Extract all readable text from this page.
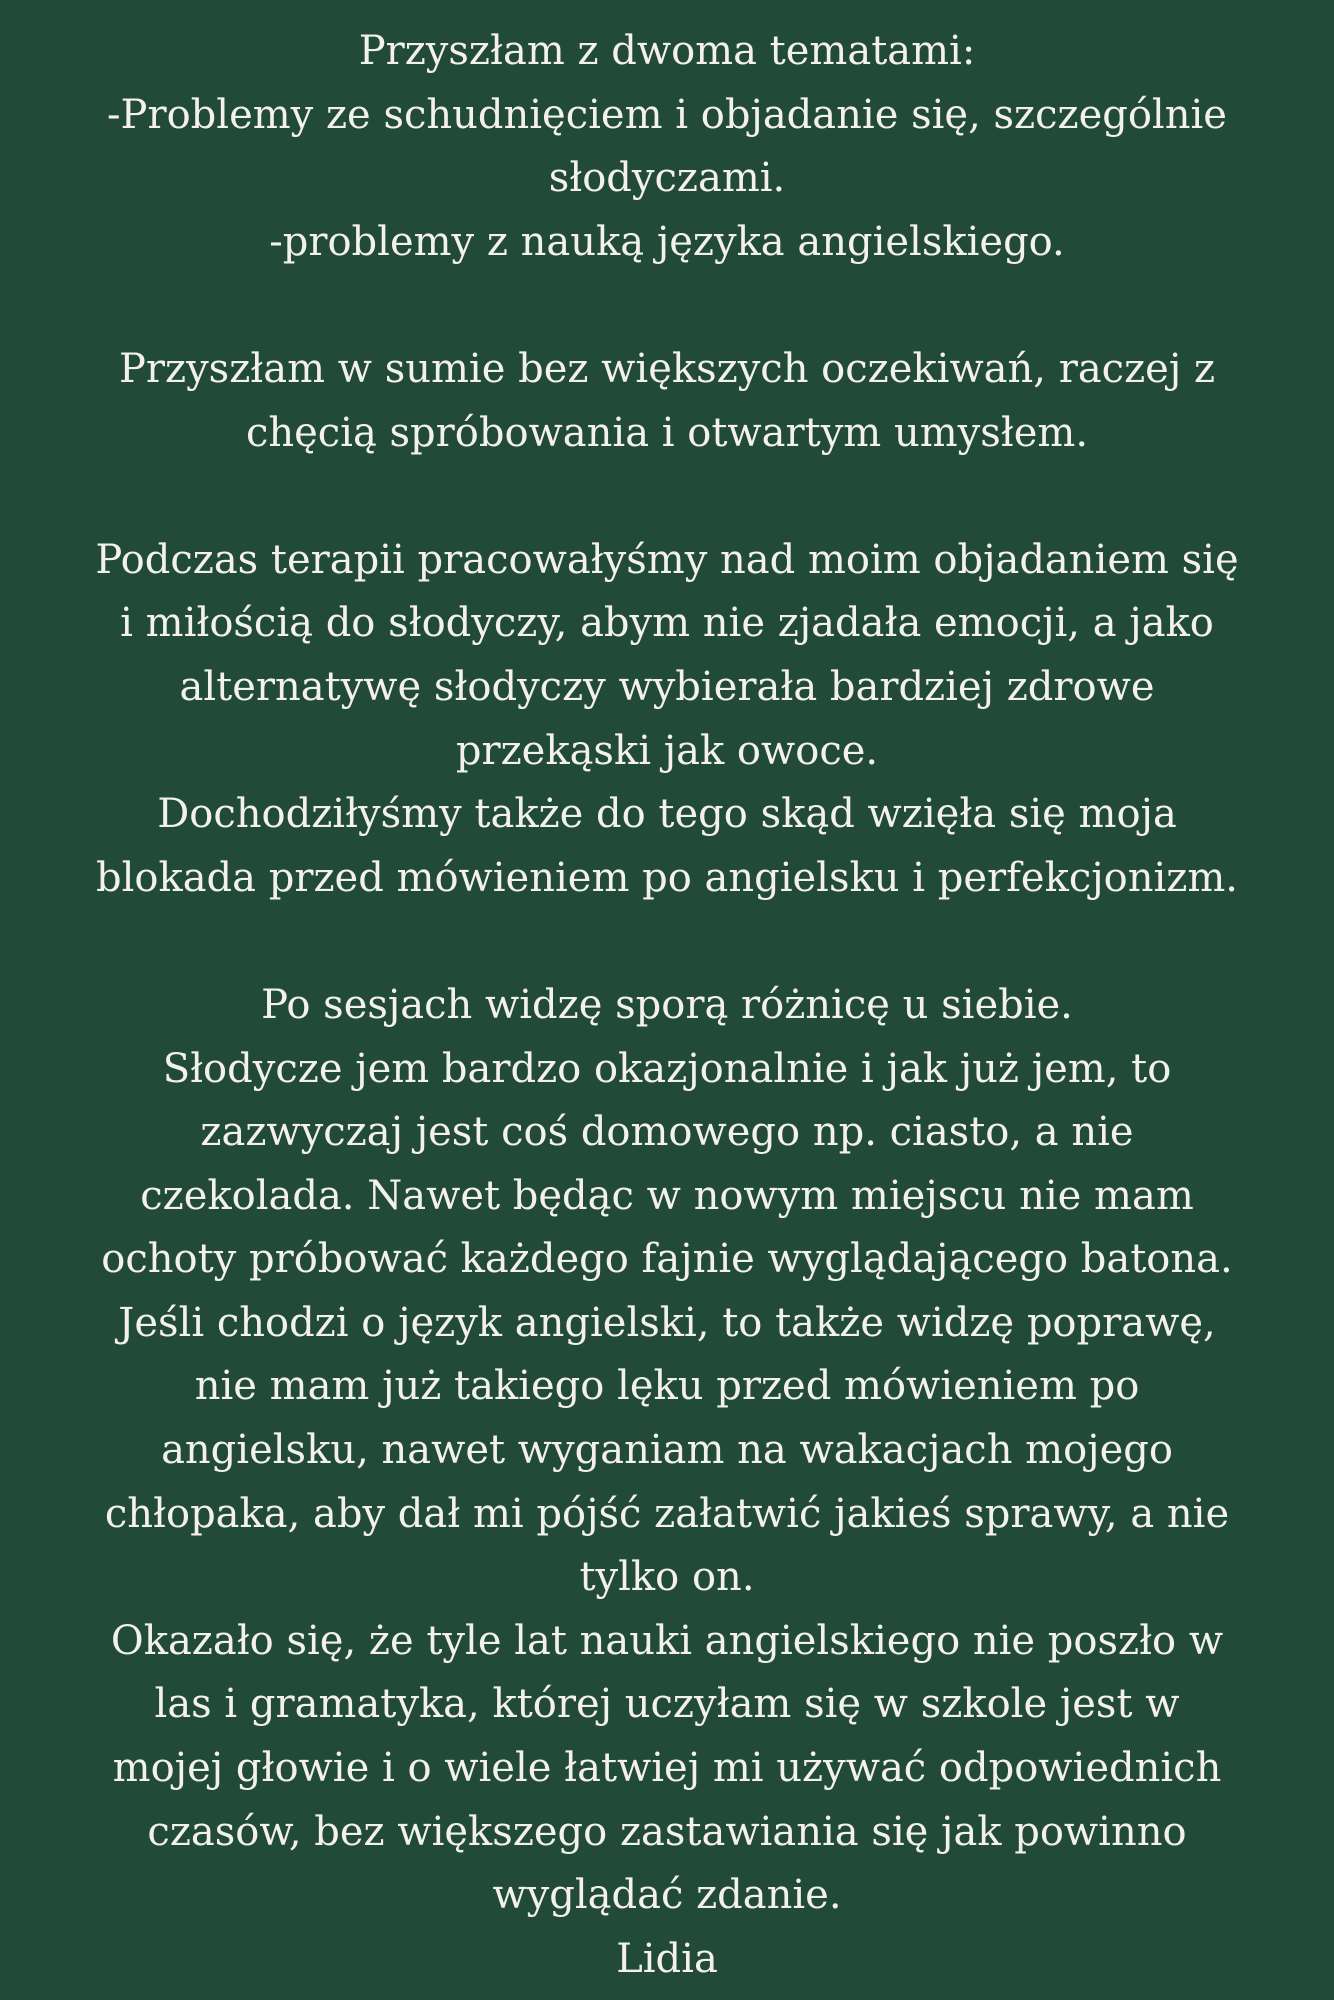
Przyszłam z dwoma tematami:
-Problemy ze schudnięciem i objadanie się, szczególnie
słodyczami.
-problemy z nauką języka angielskiego.
Przyszłam w sumie bez większych oczekiwań, raczej z
chęcią spróbowania i otwartym umysłem.
Podczas terapii pracowałyśmy nad moim objadaniem się
i miłością do słodyczy, abym nie zjadała emocji, a jako
alternatywę słodyczy wybierała bardziej zdrowe
przekąski jak owoce.
Dochodziłyśmy także do tego skąd wzięła się moja
blokada przed mówieniem po angielsku i perfekcjonizm.
Po sesjach widzę sporą różnicę u siebie.
Słodycze jem bardzo okazjonalnie i jak już jem, to
zazwyczaj jest coś domowego np. ciasto, a nie
czekolada. Nawet będąc w nowym miejscu nie mam
ochoty próbować każdego fajnie wyglądającego batona.
Jeśli chodzi o język angielski, to także widzę poprawę,
nie mam już takiego lęku przed mówieniem po
angielsku, nawet wyganiam na wakacjach mojego
chłopaka, aby dał mi pójść załatwić jakieś sprawy, a nie
tylko on.
Okazało się, że tyle lat nauki angielskiego nie poszło w
las i gramatyka, której uczyłam się w szkole jest w
mojej głowie i o wiele łatwiej mi używać odpowiednich
czasów, bez większego zastawiania się jak powinno
wyglądać zdanie.
Lidia
